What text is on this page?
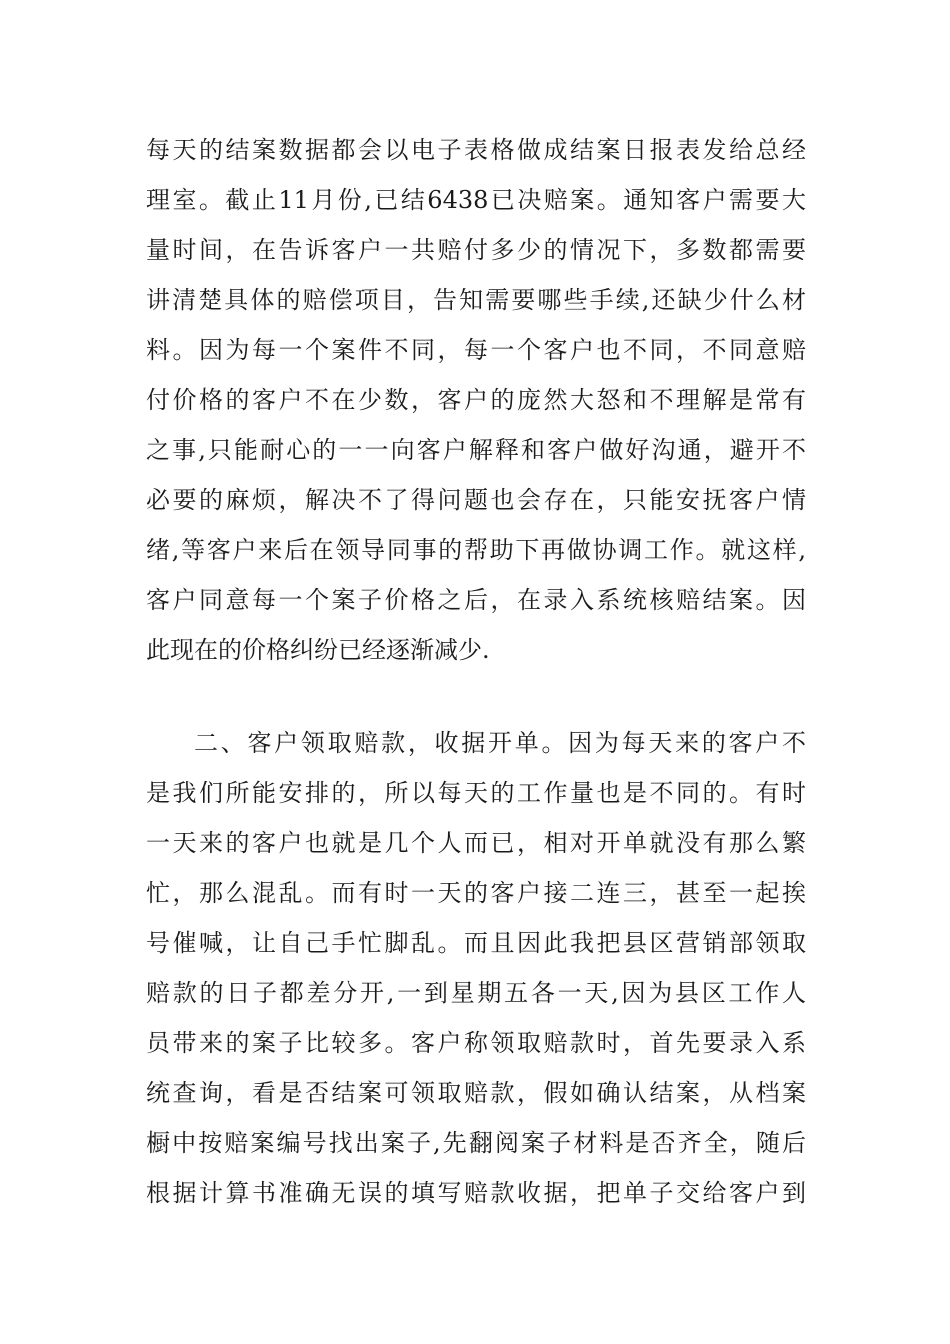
每天的结案数据都会以电子表格做成结案日报表发给总经
理室。截止11月份,已结6438已决赔案。通知客户需要大
量时间，在告诉客户一共赔付多少的情况下，多数都需要
讲清楚具体的赔偿项目，告知需要哪些手续,还缺少什么材
料。因为每一个案件不同，每一个客户也不同，不同意赔
付价格的客户不在少数，客户的庞然大怒和不理解是常有
之事,只能耐心的一一向客户解释和客户做好沟通，避开不
必要的麻烦，解决不了得问题也会存在，只能安抚客户情
绪,等客户来后在领导同事的帮助下再做协调工作。就这样,
客户同意每一个案子价格之后，在录入系统核赔结案。因
此现在的价格纠纷已经逐渐减少.
二、客户领取赔款，收据开单。因为每天来的客户不
是我们所能安排的，所以每天的工作量也是不同的。有时
一天来的客户也就是几个人而已，相对开单就没有那么繁
忙，那么混乱。而有时一天的客户接二连三，甚至一起挨
号催喊，让自己手忙脚乱。而且因此我把县区营销部领取
赔款的日子都差分开,一到星期五各一天,因为县区工作人
员带来的案子比较多。客户称领取赔款时，首先要录入系
统查询，看是否结案可领取赔款，假如确认结案，从档案
橱中按赔案编号找出案子,先翻阅案子材料是否齐全，随后
根据计算书准确无误的填写赔款收据，把单子交给客户到
